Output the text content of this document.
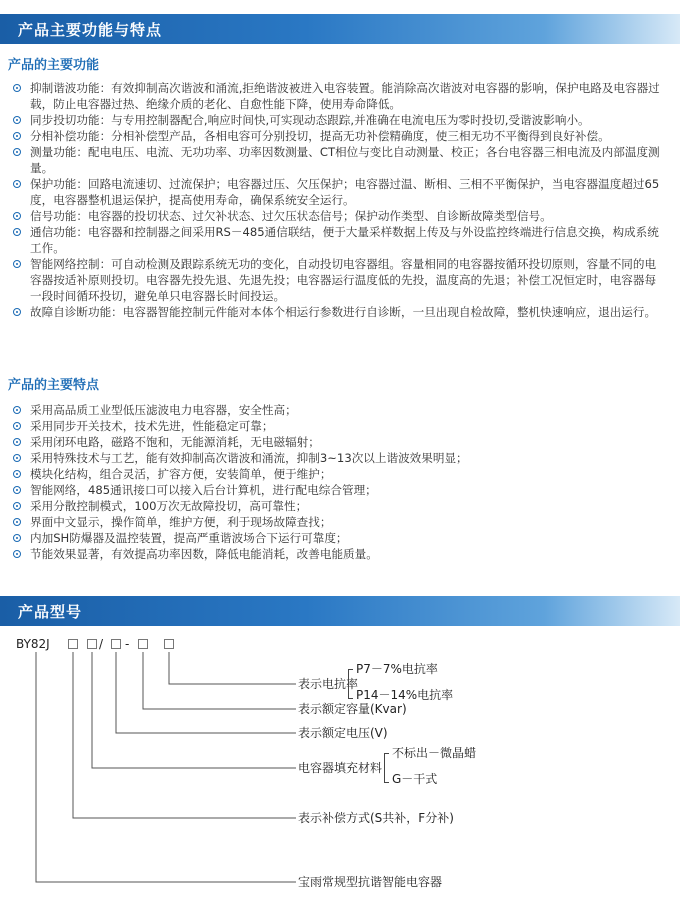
产品主要功能与特点
产品的主要功能
抑制谐波功能：有效抑制高次谐波和涌流,拒绝谐波被进入电容装置。能消除高次谐波对电容器的影响，保护电路及电容器过载，防止电容器过热、绝缘介质的老化、自愈性能下降，使用寿命降低。
同步投切功能：与专用控制器配合,响应时间快,可实现动态跟踪,并准确在电流电压为零时投切,受谐波影响小。
分相补偿功能：分相补偿型产品，各相电容可分别投切，提高无功补偿精确度，使三相无功不平衡得到良好补偿。
测量功能：配电电压、电流、无功功率、功率因数测量、CT相位与变比自动测量、校正；各台电容器三相电流及内部温度测量。
保护功能：回路电流速切、过流保护；电容器过压、欠压保护；电容器过温、断相、三相不平衡保护，当电容器温度超过65度，电容器整机退运保护，提高使用寿命，确保系统安全运行。
信号功能：电容器的投切状态、过欠补状态、过欠压状态信号；保护动作类型、自诊断故障类型信号。
通信功能：电容器和控制器之间采用RS－485通信联结，便于大量采样数据上传及与外设监控终端进行信息交换，构成系统工作。
智能网络控制：可自动检测及跟踪系统无功的变化，自动投切电容器组。容量相同的电容器按循环投切原则，容量不同的电容器按适补原则投切。电容器先投先退、先退先投；电容器运行温度低的先投，温度高的先退；补偿工况恒定时，电容器每一段时间循环投切，避免单只电容器长时间投运。
故障自诊断功能：电容器智能控制元件能对本体个相运行参数进行自诊断，一旦出现自检故障，整机快速响应，退出运行。
产品的主要特点
采用高品质工业型低压滤波电力电容器，安全性高；
采用同步开关技术，技术先进，性能稳定可靠；
采用闭环电路，磁路不饱和，无能源消耗，无电磁辐射；
采用特殊技术与工艺，能有效抑制高次谐波和涌流，抑制3~13次以上谐波效果明显；
模块化结构，组合灵活，扩容方便，安装简单，便于维护；
智能网络，485通讯接口可以接入后台计算机，进行配电综合管理；
采用分散控制模式，100万次无故障投切，高可靠性；
界面中文显示，操作简单，维护方便，利于现场故障查找；
内加SH防爆器及温控装置，提高严重谐波场合下运行可靠度；
节能效果显著，有效提高功率因数，降低电能消耗，改善电能质量。
产品型号
BY82J	/ -
表示电抗率
P7－7%电抗率
P14－14%电抗率
表示额定容量(Kvar)
表示额定电压(V)
电容器填充材料
不标出－微晶蜡
G－干式
表示补偿方式(S共补，F分补)
宝雨常规型抗谐智能电容器
